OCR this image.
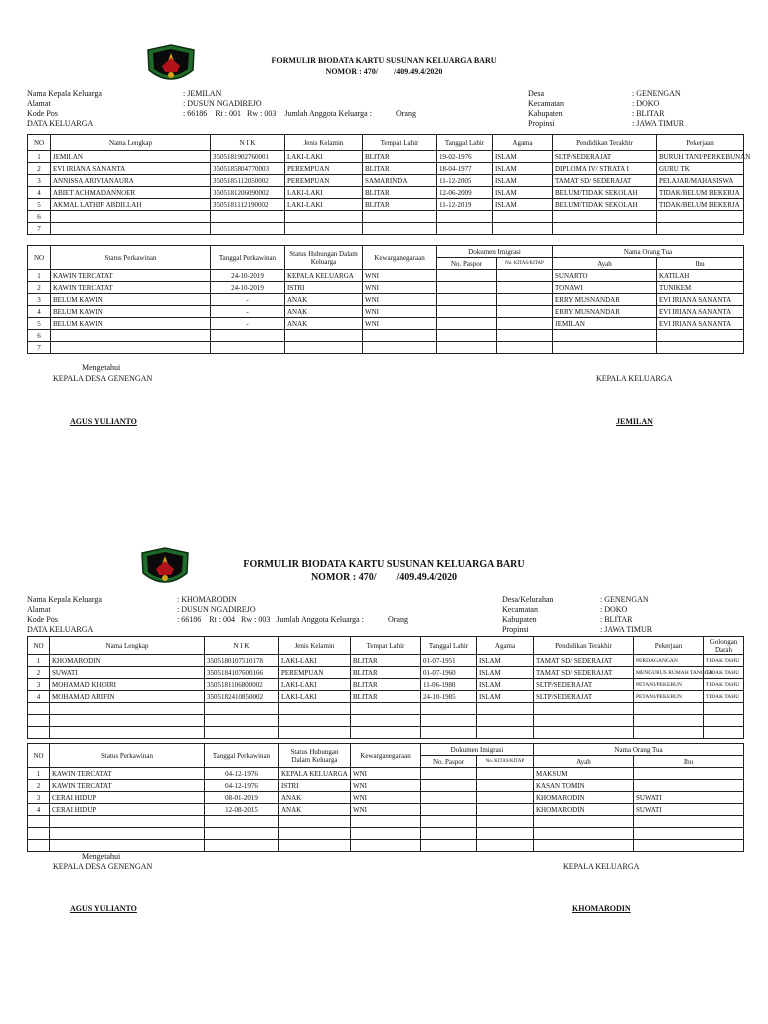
FORMULIR BIODATA KARTU SUSUNAN KELUARGA BARU
NOMOR : 470/        /409.49.4/2020
Nama Kepala Keluarga	: JEMILAN
Alamat	: DUSUN NGADIREJO
Kode Pos	: 66186    Rt : 001   Rw : 003    Jumlah Anggota Keluarga :            Orang
DATA KELUARGA
Desa	: GENENGAN
Kecamatan	: DOKO
Kabupaten	: BLITAR
Propinsi	: JAWA TIMUR
NO	Nama Lengkap	N I K	Jenis Kelamin	Tempat Lahir	Tanggal Lahir	Agama	Pendidikan Terakhir	Pekerjaan
1	JEMILAN	3505181902760001	LAKI-LAKI	BLITAR	19-02-1976	ISLAM	SLTP/SEDERAJAT	BURUH TANI/PERKEBUNAN
2	EVI IRIANA SANANTA	3505185804770003	PEREMPUAN	BLITAR	18-04-1977	ISLAM	DIPLOMA IV/ STRATA I	GURU TK
3	ANNISSA ARIVIANAURA	3505185112050002	PEREMPUAN	SAMARINDA	11-12-2005	ISLAM	TAMAT SD/ SEDERAJAT	PELAJAR/MAHASISWA
4	ABIET ACHMADANNOER	3505181206090002	LAKI-LAKI	BLITAR	12-06-2009	ISLAM	BELUM/TIDAK SEKOLAH	TIDAK/BELUM BEKERJA
5	AKMAL LATHIF ABDILLAH	3505181112190002	LAKI-LAKI	BLITAR	11-12-2019	ISLAM	BELUM/TIDAK SEKOLAH	TIDAK/BELUM BEKERJA
6								
7								
NO	Status Perkawinan	Tanggal Perkawinan	Status Hubungan Dalam Keluarga	Kewarganegaraan	Dokumen Imigrasi		Nama Orang Tua	
					No. Paspor	No. KITAS/KITAP	Ayah	Ibu
1	KAWIN TERCATAT	24-10-2019	KEPALA KELUARGA	WNI			SUNARTO	KATILAH
2	KAWIN TERCATAT	24-10-2019	ISTRI	WNI			TONAWI	TUNIKEM
3	BELUM KAWIN	-	ANAK	WNI			ERRY MUSNANDAR	EVI IRIANA SANANTA
4	BELUM KAWIN	-	ANAK	WNI			ERRY MUSNANDAR	EVI IRIANA SANANTA
5	BELUM KAWIN	-	ANAK	WNI			JEMILAN	EVI IRIANA SANANTA
6								
7								
Mengetahui
KEPALA DESA GENENGAN	KEPALA KELUARGA
AGUS YULIANTO	JEMILAN
FORMULIR BIODATA KARTU SUSUNAN KELUARGA BARU
NOMOR : 470/        /409.49.4/2020
Nama Kepala Keluarga	: KHOMARODIN
Alamat	: DUSUN NGADIREJO
Kode Pos	: 66186    Rt : 004   Rw : 003   Jumlah Anggota Keluarga :            Orang
DATA KELUARGA
Desa/Kelurahan	: GENENGAN
Kecamatan	: DOKO
Kabupaten	: BLITAR
Propinsi	: JAWA TIMUR
NO	Nama Lengkap	N I K	Jenis Kelamin	Tempat Lahir	Tanggal Lahir	Agama	Pendidikan Terakhir	Pekerjaan	Golongan Darah
1	KHOMARODIN	3505180107510178	LAKI-LAKI	BLITAR	01-07-1951	ISLAM	TAMAT SD/ SEDERAJAT	PERDAGANGAN	TIDAK TAHU
2	SUWATI	3505184107600166	PEREMPUAN	BLITAR	01-07-1960	ISLAM	TAMAT SD/ SEDERAJAT	MENGURUS RUMAH TANGGA	TIDAK TAHU
3	MOHAMAD KHOIRI	3505181106800002	LAKI-LAKI	BLITAR	11-06-1980	ISLAM	SLTP/SEDERAJAT	PETANI/PEKEBUN	TIDAK TAHU
4	MOHAMAD ARIFIN	3505182410850002	LAKI-LAKI	BLITAR	24-10-1985	ISLAM	SLTP/SEDERAJAT	PETANI/PEKEBUN	TIDAK TAHU

NO	Status Perkawinan	Tanggal Perkawinan	Status Hubungan Dalam Keluarga	Kewarganegaraan	Dokumen Imigrasi		Nama Orang Tua	
					No. Paspor	No. KITAS/KITAP	Ayah	Ibu
1	KAWIN TERCATAT	04-12-1976	KEPALA KELUARGA	WNI			MAKSUM	
2	KAWIN TERCATAT	04-12-1976	ISTRI	WNI			KASAN TOMIN	
3	CERAI HIDUP	08-01-2019	ANAK	WNI			KHOMARODIN	SUWATI
4	CERAI HIDUP	12-08-2015	ANAK	WNI			KHOMARODIN	SUWATI

Mengetahui
KEPALA DESA GENENGAN	KEPALA KELUARGA
AGUS YULIANTO	KHOMARODIN
